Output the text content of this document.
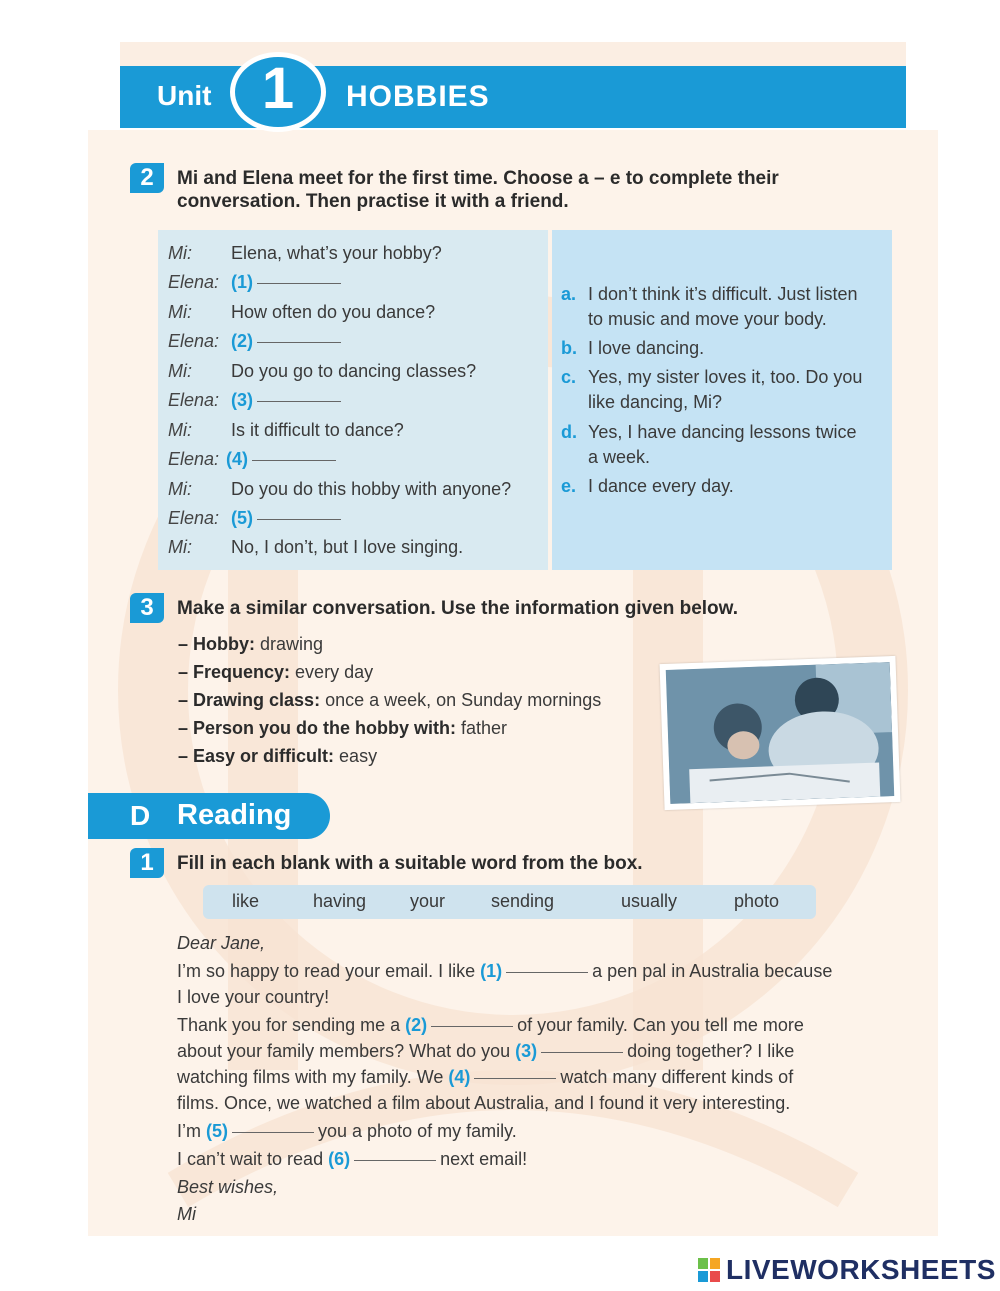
Unit 1	HOBBIES
2	Mi and Elena meet for the first time. Choose a – e to complete their
conversation. Then practise it with a friend.
Mi: Elena, what’s your hobby?
Elena: (1)
Mi: How often do you dance?
Elena: (2)
Mi: Do you go to dancing classes?
Elena: (3)
Mi: Is it difficult to dance?
Elena: (4)
Mi: Do you do this hobby with anyone?
Elena: (5)
Mi: No, I don’t, but I love singing.
a. I don’t think it’s difficult. Just listen
to music and move your body.
b. I love dancing.
c. Yes, my sister loves it, too. Do you
like dancing, Mi?
d. Yes, I have dancing lessons twice
a week.
e. I dance every day.
3	Make a similar conversation. Use the information given below.
– Hobby: drawing
– Frequency: every day
– Drawing class: once a week, on Sunday mornings
– Person you do the hobby with: father
– Easy or difficult: easy
D Reading
1	Fill in each blank with a suitable word from the box.
like	having your	sending	usually	photo
Dear Jane,
I’m so happy to read your email. I like (1)	a pen pal in Australia because
I love your country!
Thank you for sending me a (2)	of your family. Can you tell me more
about your family members? What do you (3)	doing together? I like
watching films with my family. We (4)	watch many different kinds of
films. Once, we watched a film about Australia, and I found it very interesting.
I’m (5)	you a photo of my family.
I can’t wait to read (6)	next email!
Best wishes,
Mi
LIVEWORKSHEETS
